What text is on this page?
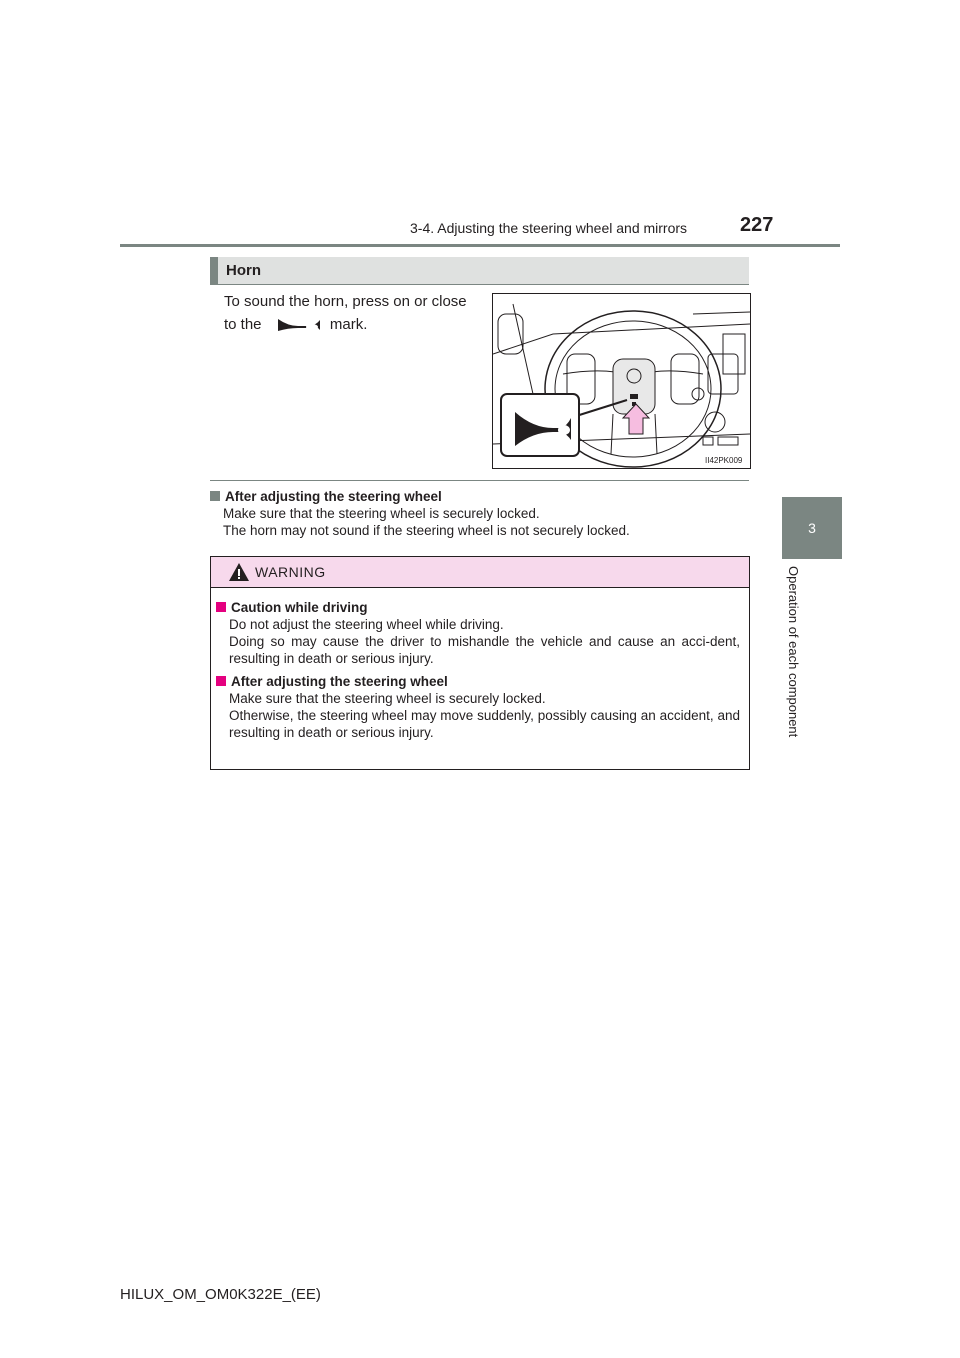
3-4. Adjusting the steering wheel and mirrors	227
3
Operation of each component
Horn
To sound the horn, press on or close to the	mark.
II42PK009
After adjusting the steering wheel
Make sure that the steering wheel is securely locked.
The horn may not sound if the steering wheel is not securely locked.
WARNING
Caution while driving
Do not adjust the steering wheel while driving.
Doing so may cause the driver to mishandle the vehicle and cause an acci-dent, resulting in death or serious injury.
After adjusting the steering wheel
Make sure that the steering wheel is securely locked.
Otherwise, the steering wheel may move suddenly, possibly causing an accident, and resulting in death or serious injury.
HILUX_OM_OM0K322E_(EE)
